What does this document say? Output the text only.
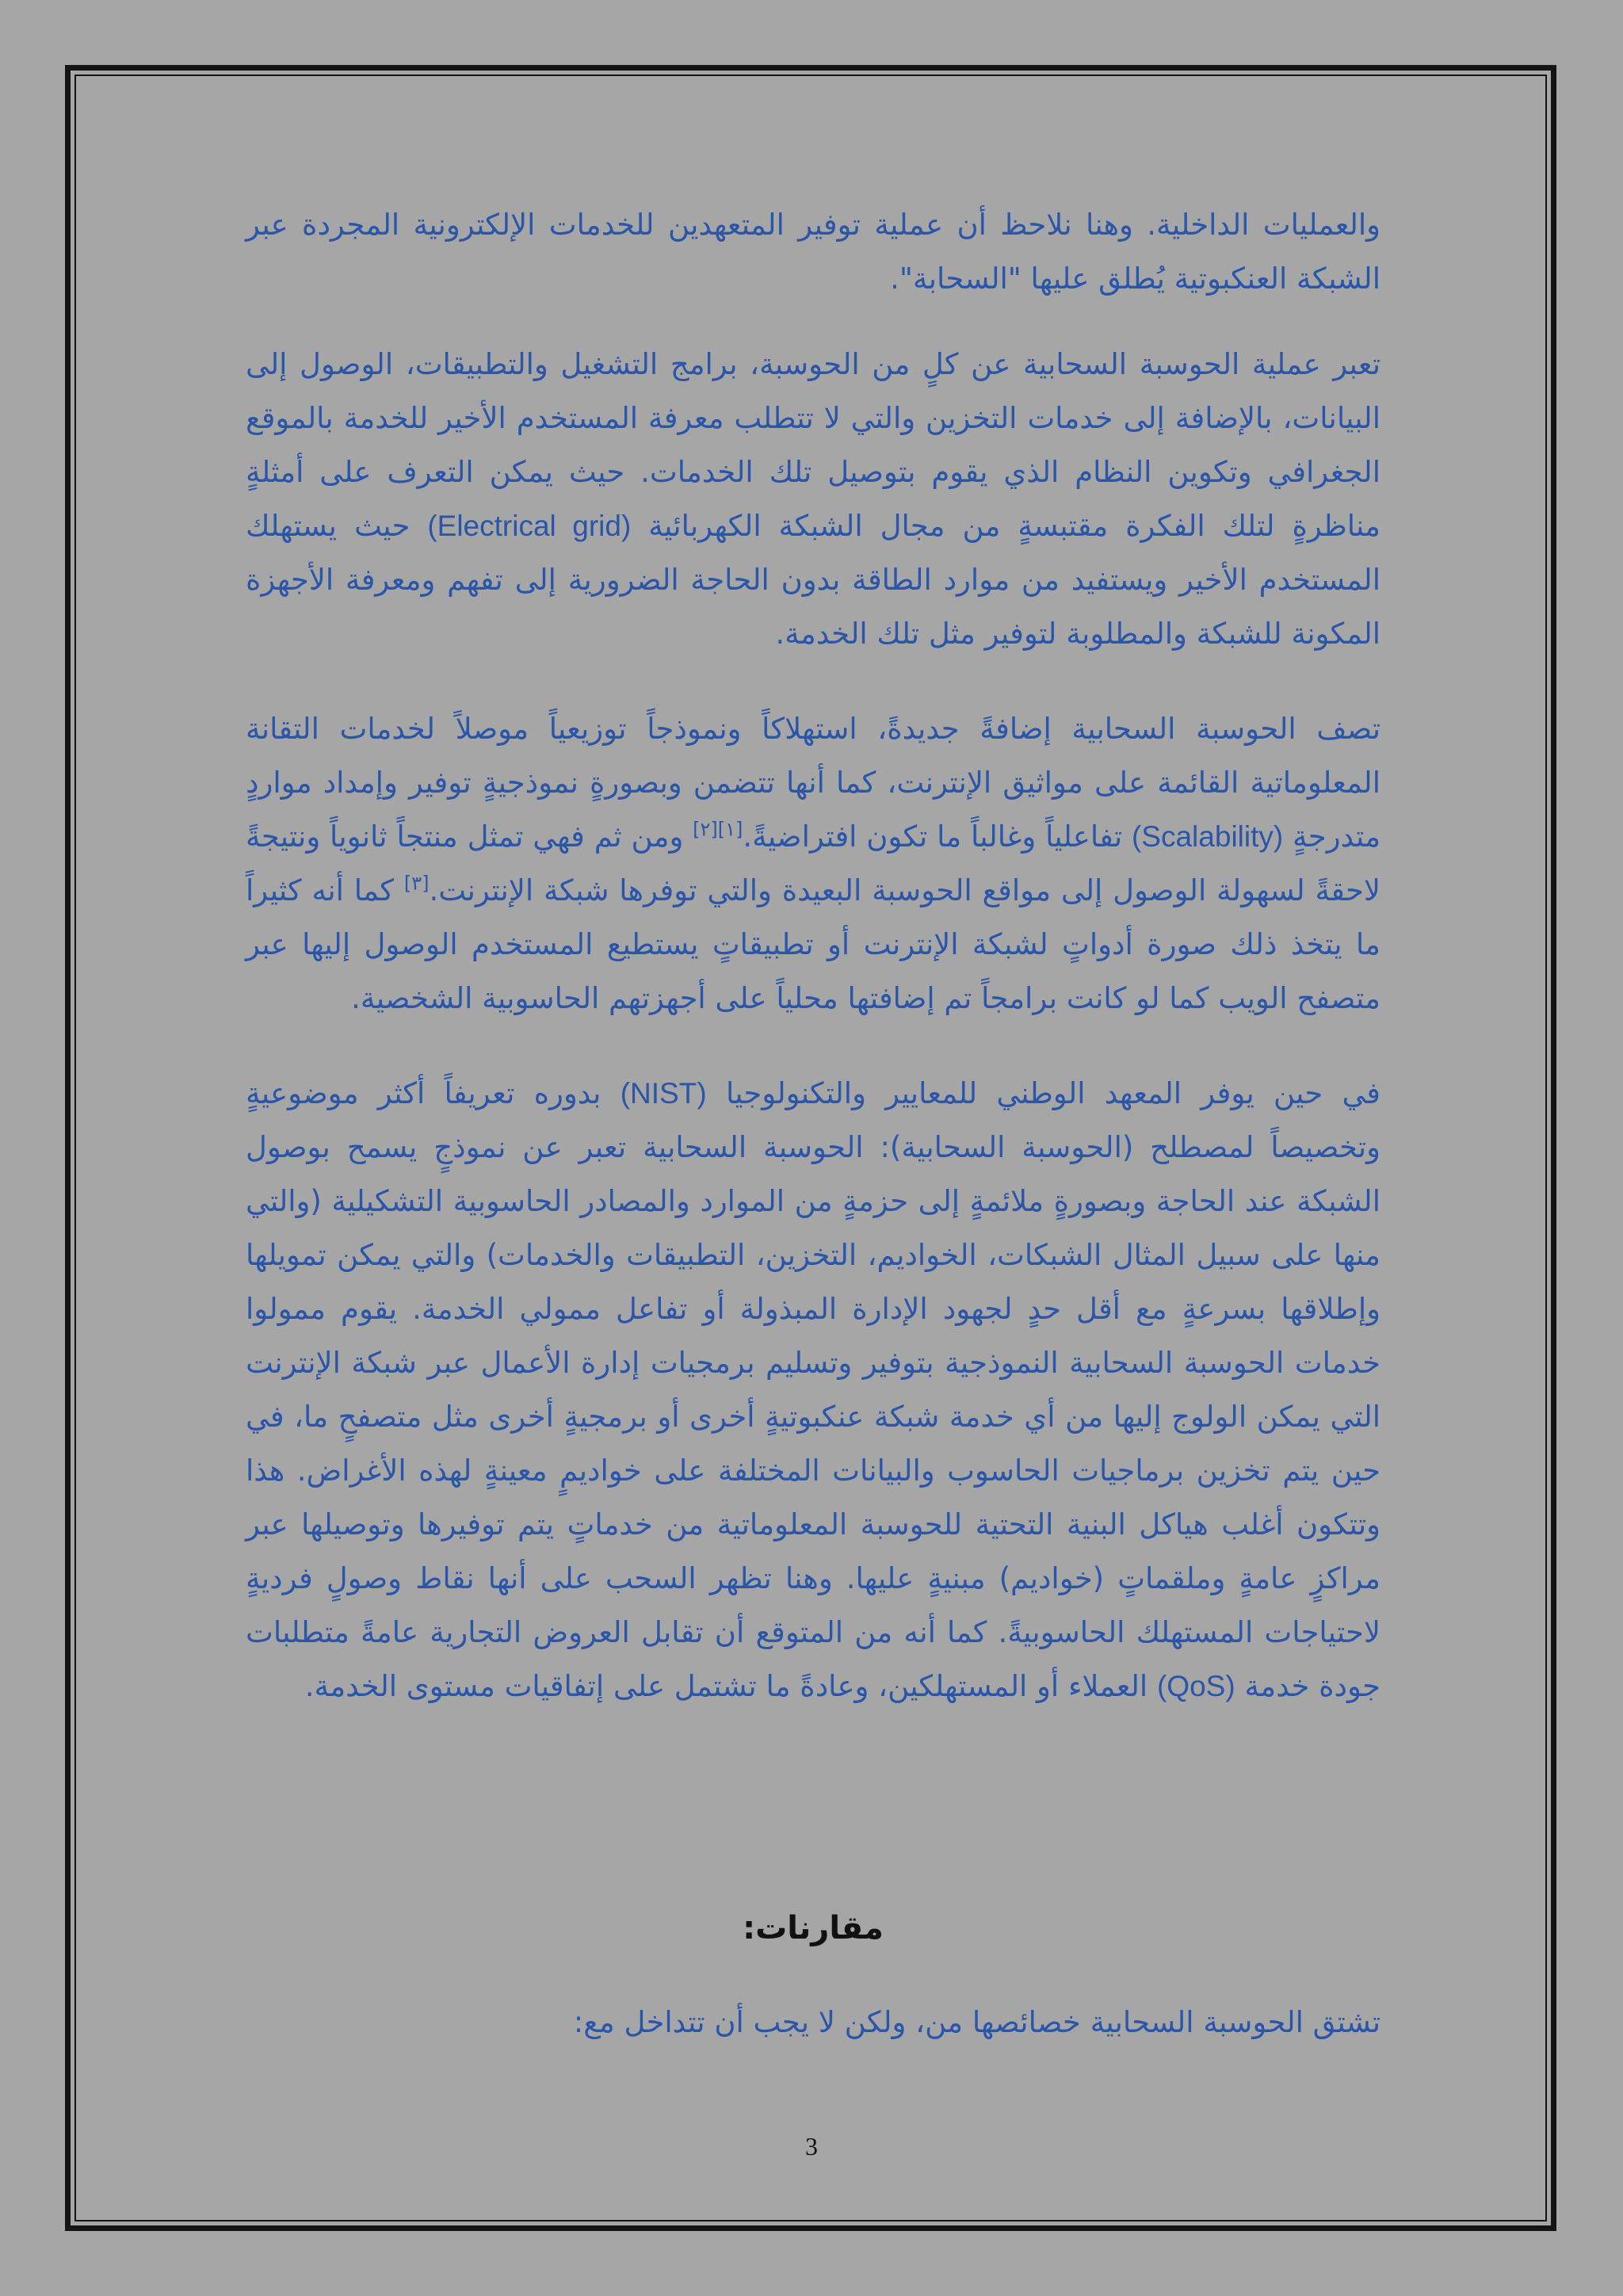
والعمليات الداخلية. وهنا نلاحظ أن عملية توفير المتعهدين للخدمات الإلكترونية المجردة عبر الشبكة العنكبوتية يُطلق عليها "السحابة".

تعبر عملية الحوسبة السحابية عن كلٍ من الحوسبة، برامج التشغيل والتطبيقات، الوصول إلى البيانات، بالإضافة إلى خدمات التخزين والتي لا تتطلب معرفة المستخدم الأخير للخدمة بالموقع الجغرافي وتكوين النظام الذي يقوم بتوصيل تلك الخدمات. حيث يمكن التعرف على أمثلةٍ مناظرةٍ لتلك الفكرة مقتبسةٍ من مجال الشبكة الكهربائية (Electrical grid) حيث يستهلك المستخدم الأخير ويستفيد من موارد الطاقة بدون الحاجة الضرورية إلى تفهم ومعرفة الأجهزة المكونة للشبكة والمطلوبة لتوفير مثل تلك الخدمة.

تصف الحوسبة السحابية إضافةً جديدةً، استهلاكاً ونموذجاً توزيعياً موصلاً لخدمات التقانة المعلوماتية القائمة على مواثيق الإنترنت، كما أنها تتضمن وبصورةٍ نموذجيةٍ توفير وإمداد مواردٍ متدرجةٍ (Scalability) تفاعلياً وغالباً ما تكون افتراضيةً.[١][٢] ومن ثم فهي تمثل منتجاً ثانوياً ونتيجةً لاحقةً لسهولة الوصول إلى مواقع الحوسبة البعيدة والتي توفرها شبكة الإنترنت.[٣] كما أنه كثيراً ما يتخذ ذلك صورة أدواتٍ لشبكة الإنترنت أو تطبيقاتٍ يستطيع المستخدم الوصول إليها عبر متصفح الويب كما لو كانت برامجاً تم إضافتها محلياً على أجهزتهم الحاسوبية الشخصية.

في حين يوفر المعهد الوطني للمعايير والتكنولوجيا (NIST) بدوره تعريفاً أكثر موضوعيةٍ وتخصيصاً لمصطلح (الحوسبة السحابية): الحوسبة السحابية تعبر عن نموذجٍ يسمح بوصول الشبكة عند الحاجة وبصورةٍ ملائمةٍ إلى حزمةٍ من الموارد والمصادر الحاسوبية التشكيلية (والتي منها على سبيل المثال الشبكات، الخواديم، التخزين، التطبيقات والخدمات) والتي يمكن تمويلها وإطلاقها بسرعةٍ مع أقل حدٍ لجهود الإدارة المبذولة أو تفاعل ممولي الخدمة. يقوم ممولوا خدمات الحوسبة السحابية النموذجية بتوفير وتسليم برمجيات إدارة الأعمال عبر شبكة الإنترنت التي يمكن الولوج إليها من أي خدمة شبكة عنكبوتيةٍ أخرى أو برمجيةٍ أخرى مثل متصفحٍ ما، في حين يتم تخزين برماجيات الحاسوب والبيانات المختلفة على خواديمٍ معينةٍ لهذه الأغراض. هذا وتتكون أغلب هياكل البنية التحتية للحوسبة المعلوماتية من خدماتٍ يتم توفيرها وتوصيلها عبر مراكزٍ عامةٍ وملقماتٍ (خواديم) مبنيةٍ عليها. وهنا تظهر السحب على أنها نقاط وصولٍ فرديةٍ لاحتياجات المستهلك الحاسوبيةً. كما أنه من المتوقع أن تقابل العروض التجارية عامةً متطلبات جودة خدمة (QoS) العملاء أو المستهلكين، وعادةً ما تشتمل على إتفاقيات مستوى الخدمة.

مقارنات:
تشتق الحوسبة السحابية خصائصها من، ولكن لا يجب أن تتداخل مع:
3
